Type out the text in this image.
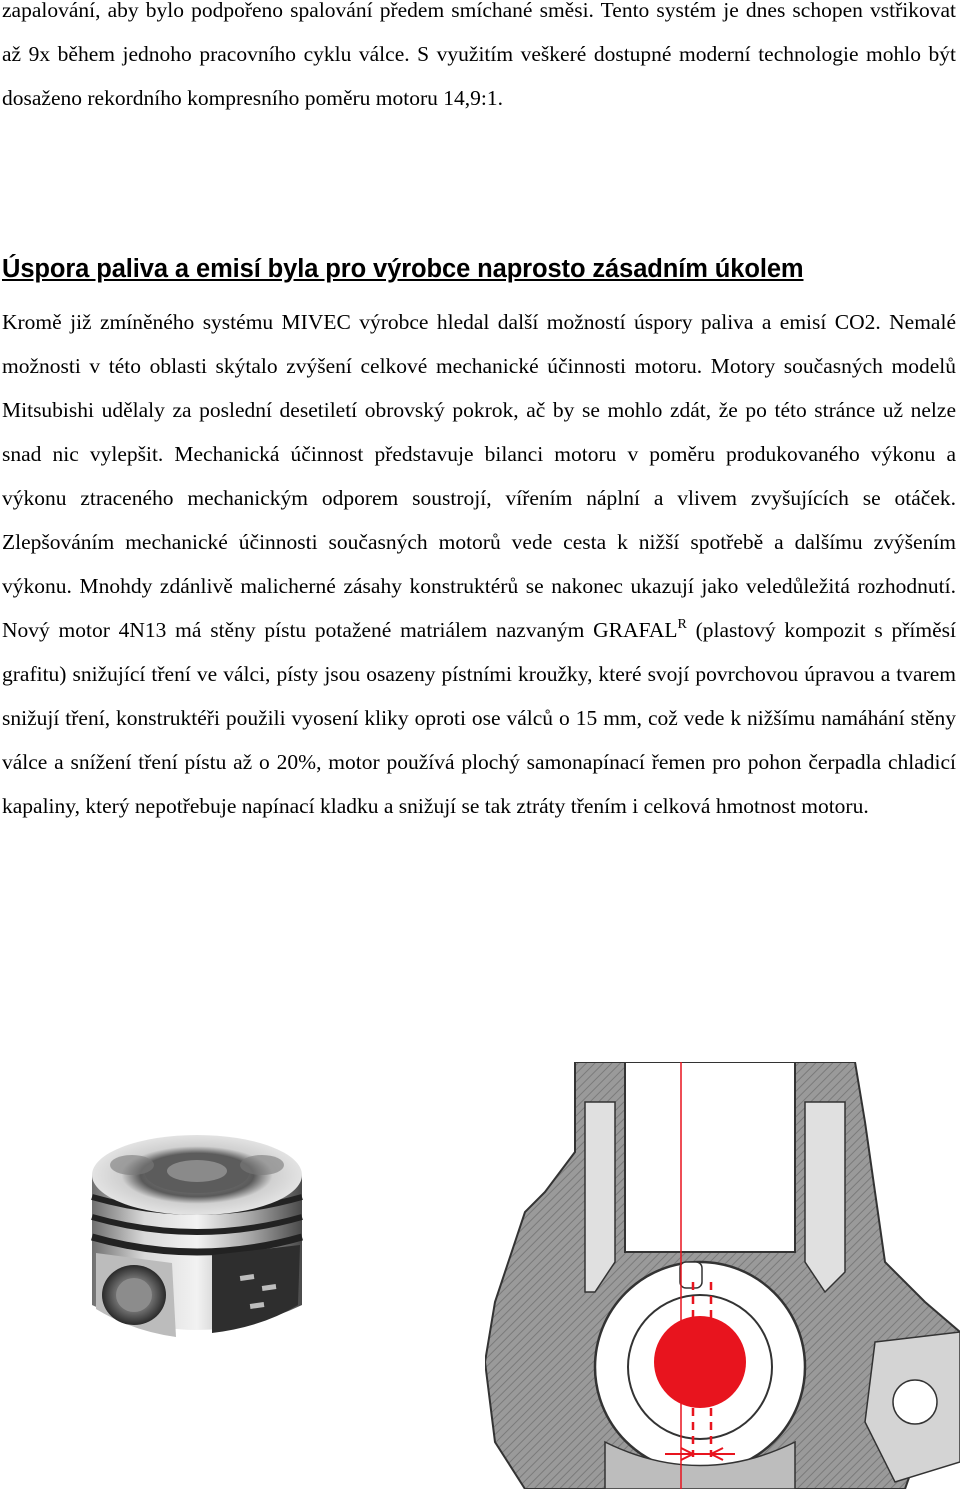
zapalování, aby bylo podpořeno spalování předem smíchané směsi. Tento systém je dnes schopen vstřikovat až 9x během jednoho pracovního cyklu válce. S využitím veškeré dostupné moderní technologie mohlo být dosaženo rekordního kompresního poměru motoru 14,9:1.

Úspora paliva a emisí byla pro výrobce naprosto zásadním úkolem

Kromě již zmíněného systému MIVEC výrobce hledal další možností úspory paliva a emisí CO2. Nemalé možnosti v této oblasti skýtalo zvýšení celkové mechanické účinnosti motoru. Motory současných modelů Mitsubishi udělaly za poslední desetiletí obrovský pokrok, ač by se mohlo zdát, že po této stránce už nelze snad nic vylepšit. Mechanická účinnost představuje bilanci motoru v poměru produkovaného výkonu a výkonu ztraceného mechanickým odporem soustrojí, vířením náplní a vlivem zvyšujících se otáček. Zlepšováním mechanické účinnosti současných motorů vede cesta k nižší spotřebě a dalšímu zvýšením výkonu. Mnohdy zdánlivě malicherné zásahy konstruktérů se nakonec ukazují jako veledůležitá rozhodnutí. Nový motor 4N13 má stěny pístu potažené matriálem nazvaným $GRAFAL^R$ (plastový kompozit s příměsí grafitu) snižující tření ve válci, písty jsou osazeny pístními kroužky, které svojí povrchovou úpravou a tvarem snižují tření, konstruktéři použili vyosení kliky oproti ose válců o 15 mm, což vede k nižšímu namáhání stěny válce a snížení tření pístu až o 20%, motor používá plochý samonapínací řemen pro pohon čerpadla chladicí kapaliny, který nepotřebuje napínací kladku a snižují se tak ztráty třením i celková hmotnost motoru.
